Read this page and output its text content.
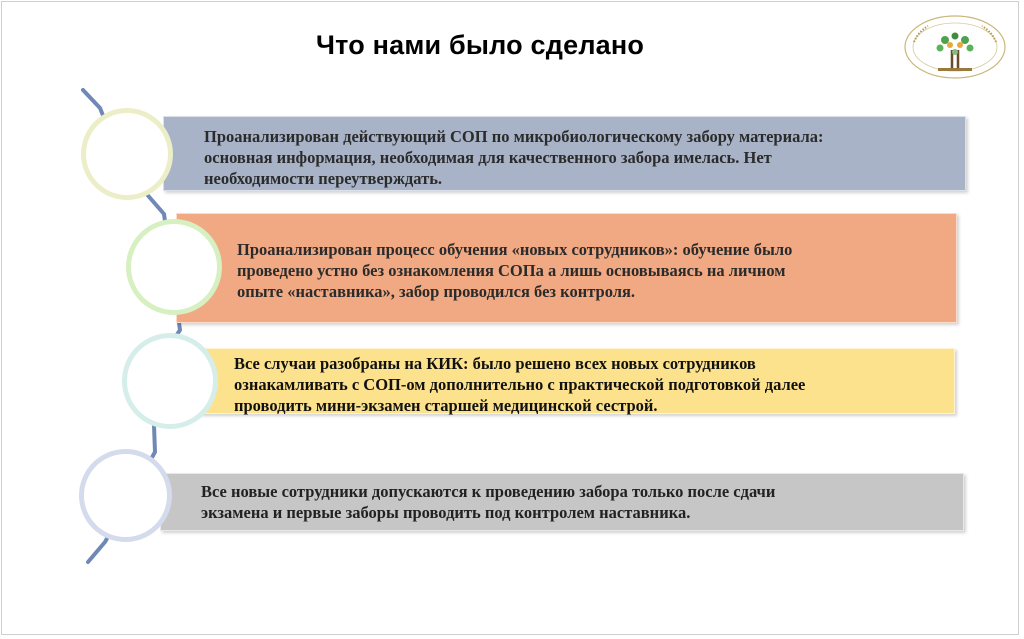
Что нами было сделано
Проанализирован действующий СОП по микробиологическому забору материала:
основная информация, необходимая для качественного забора имелась. Нет
необходимости переутверждать.
Проанализирован процесс обучения «новых сотрудников»: обучение было
проведено устно без ознакомления СОПа а лишь основываясь на личном
опыте «наставника», забор проводился без контроля.
Все случаи разобраны на КИК: было решено всех новых сотрудников
ознакамливать с СОП-ом дополнительно с практической подготовкой далее
проводить мини-экзамен старшей медицинской сестрой.
Все новые сотрудники допускаются к проведению забора только после сдачи
экзамена и первые заборы проводить под контролем наставника.
